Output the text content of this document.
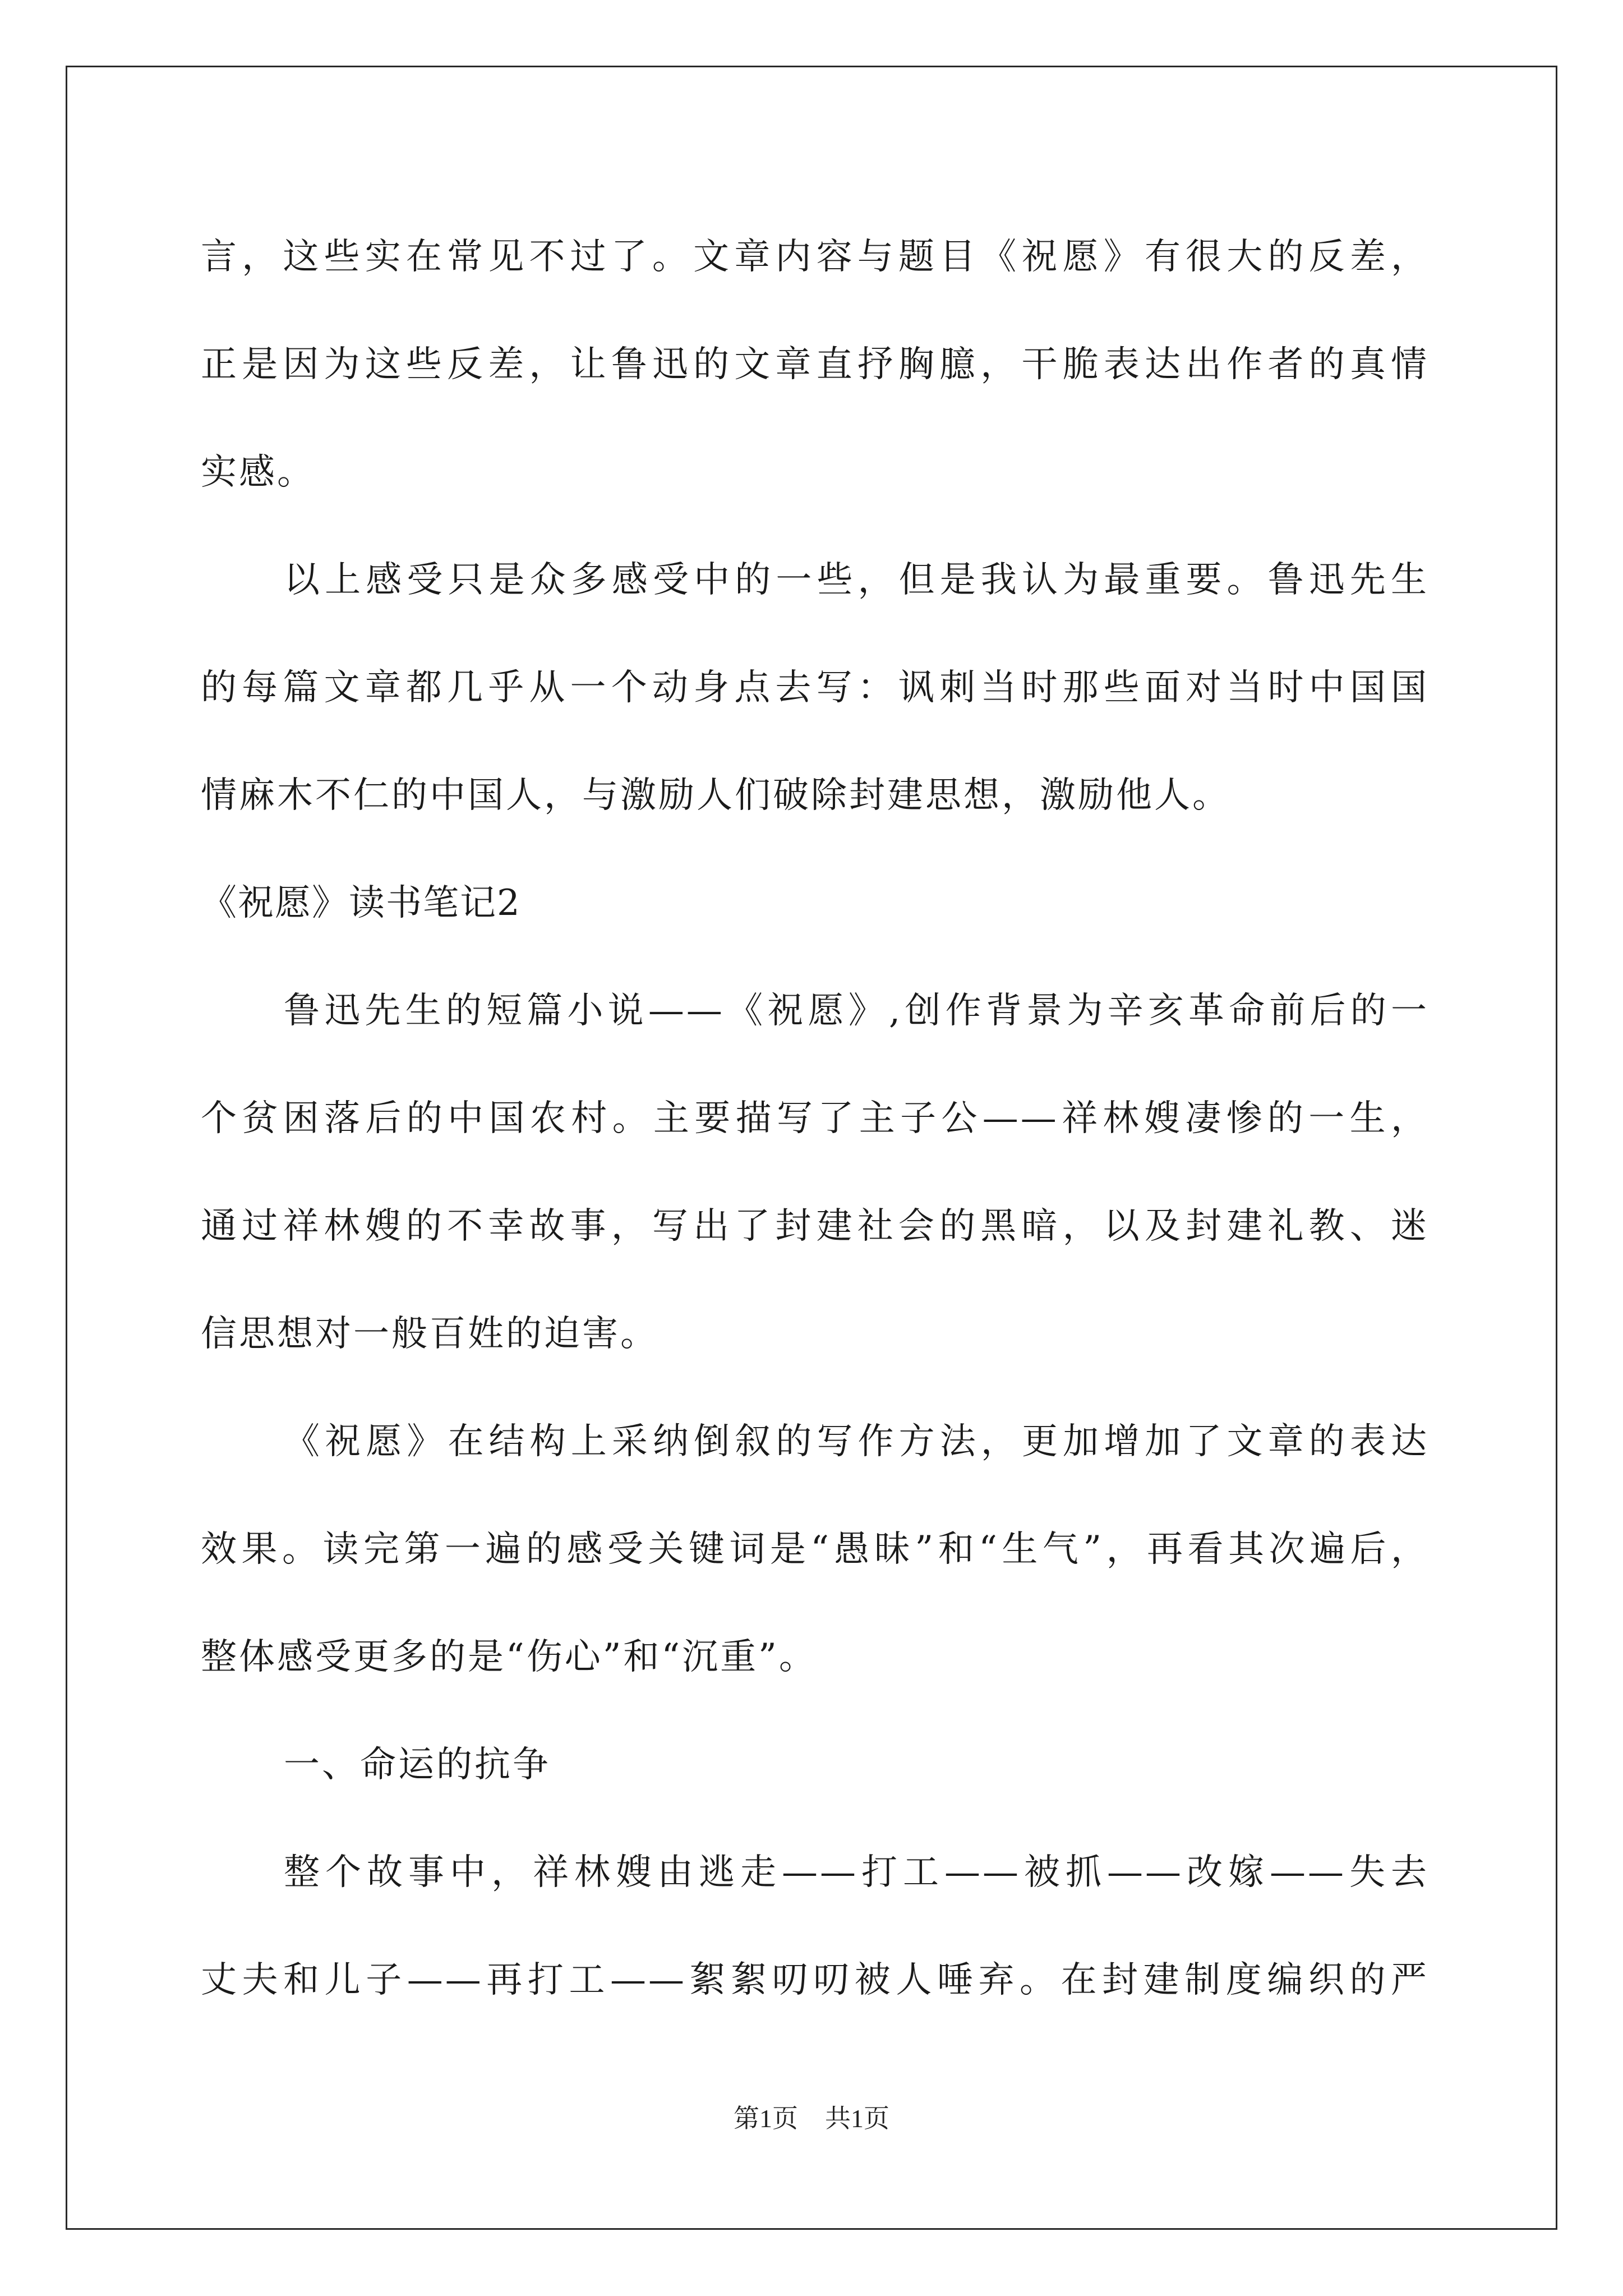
言，这些实在常见不过了。文章内容与题目《祝愿》有很大的反差，
正是因为这些反差，让鲁迅的文章直抒胸臆，干脆表达出作者的真情
实感。
以上感受只是众多感受中的一些，但是我认为最重要。鲁迅先生
的每篇文章都几乎从一个动身点去写：讽刺当时那些面对当时中国国
情麻木不仁的中国人，与激励人们破除封建思想，激励他人。
《祝愿》读书笔记2
鲁迅先生的短篇小说——《祝愿》,创作背景为辛亥革命前后的一
个贫困落后的中国农村。主要描写了主子公——祥林嫂凄惨的一生，
通过祥林嫂的不幸故事，写出了封建社会的黑暗，以及封建礼教、迷
信思想对一般百姓的迫害。
《祝愿》在结构上采纳倒叙的写作方法，更加增加了文章的表达
效果。读完第一遍的感受关键词是“愚昧”和“生气”，再看其次遍后，
整体感受更多的是“伤心”和“沉重”。
一、命运的抗争
整个故事中，祥林嫂由逃走——打工——被抓——改嫁——失去
丈夫和儿子——再打工——絮絮叨叨被人唾弃。在封建制度编织的严
第1页 共1页
